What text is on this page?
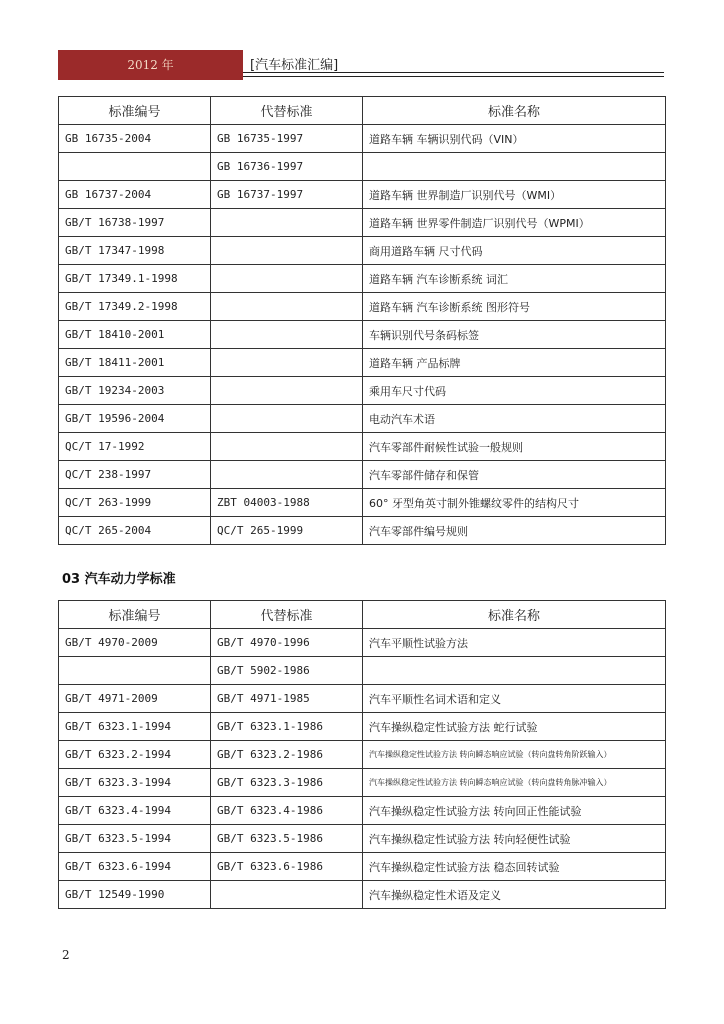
2012 年	[汽车标准汇编]
标准编号	代替标准	标准名称
GB 16735-2004	GB 16735-1997	道路车辆 车辆识别代码（VIN）
	GB 16736-1997	
GB 16737-2004	GB 16737-1997	道路车辆 世界制造厂识别代号（WMI）
GB/T 16738-1997		道路车辆 世界零件制造厂识别代号（WPMI）
GB/T 17347-1998		商用道路车辆 尺寸代码
GB/T 17349.1-1998		道路车辆 汽车诊断系统 词汇
GB/T 17349.2-1998		道路车辆 汽车诊断系统 图形符号
GB/T 18410-2001		车辆识别代号条码标签
GB/T 18411-2001		道路车辆 产品标牌
GB/T 19234-2003		乘用车尺寸代码
GB/T 19596-2004		电动汽车术语
QC/T 17-1992		汽车零部件耐候性试验一般规则
QC/T 238-1997		汽车零部件储存和保管
QC/T 263-1999	ZBT 04003-1988	60° 牙型角英寸制外锥螺纹零件的结构尺寸
QC/T 265-2004	QC/T 265-1999	汽车零部件编号规则
03 汽车动力学标准
标准编号	代替标准	标准名称
GB/T 4970-2009	GB/T 4970-1996	汽车平顺性试验方法
	GB/T 5902-1986	
GB/T 4971-2009	GB/T 4971-1985	汽车平顺性名词术语和定义
GB/T 6323.1-1994	GB/T 6323.1-1986	汽车操纵稳定性试验方法 蛇行试验
GB/T 6323.2-1994	GB/T 6323.2-1986	汽车操纵稳定性试验方法 转向瞬态响应试验（转向盘转角阶跃输入）
GB/T 6323.3-1994	GB/T 6323.3-1986	汽车操纵稳定性试验方法 转向瞬态响应试验（转向盘转角脉冲输入）
GB/T 6323.4-1994	GB/T 6323.4-1986	汽车操纵稳定性试验方法 转向回正性能试验
GB/T 6323.5-1994	GB/T 6323.5-1986	汽车操纵稳定性试验方法 转向轻便性试验
GB/T 6323.6-1994	GB/T 6323.6-1986	汽车操纵稳定性试验方法 稳态回转试验
GB/T 12549-1990		汽车操纵稳定性术语及定义
2
